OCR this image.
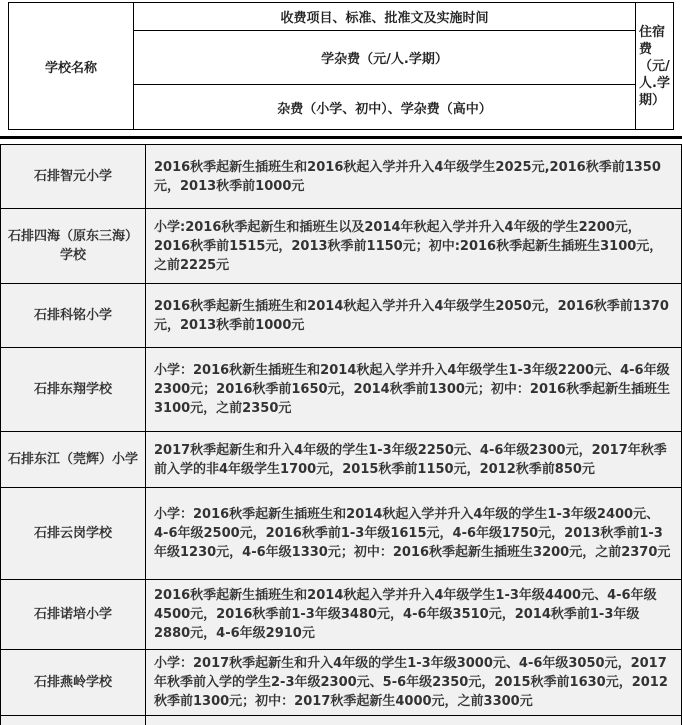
学校名称
收费项目、标准、批准文及实施时间
学杂费（元/人.学期）
杂费（小学、初中）、学杂费（高中）
住宿费（元/人.学期）
石排智元小学
2016秋季起新生插班生和2016秋起入学并升入4年级学生2025元,2016秋季前1350元，2013秋季前1000元
石排四海（原东三海）学校
小学:2016秋季起新生和插班生以及2014年秋起入学并升入4年级的学生2200元，2016秋季前1515元，2013秋季前1150元；初中:2016秋季起新生插班生3100元，之前2225元
石排科铭小学
2016秋季起新生插班生和2014秋起入学并升入4年级学生2050元，2016秋季前1370元，2013秋季前1000元
石排东翔学校
小学：2016秋新生插班生和2014秋起入学并升入4年级学生1-3年级2200元、4-6年级2300元；2016秋季前1650元，2014秋季前1300元；初中：2016秋季起新生插班生3100元，之前2350元
石排东江（莞辉）小学
2017秋季起新生和升入4年级的学生1-3年级2250元、4-6年级2300元，2017年秋季前入学的非4年级学生1700元，2015秋季前1150元，2012秋季前850元
石排云岗学校
小学：2016秋季起新生插班生和2014秋起入学并升入4年级的学生1-3年级2400元、4-6年级2500元，2016秋季前1-3年级1615元，4-6年级1750元，2013秋季前1-3年级1230元，4-6年级1330元；初中：2016秋季起新生插班生3200元，之前2370元
石排诺培小学
2016秋季起新生插班生和2014秋起入学并升入4年级学生1-3年级4400元、4-6年级4500元，2016秋季前1-3年级3480元，4-6年级3510元，2014秋季前1-3年级2880元，4-6年级2910元
石排燕岭学校
小学：2017秋季起新生和升入4年级的学生1-3年级3000元、4-6年级3050元，2017年秋季前入学的学生2-3年级2300元、5-6年级2350元，2015秋季前1630元，2012秋季前1300元；初中：2017秋季起新生4000元，之前3300元
